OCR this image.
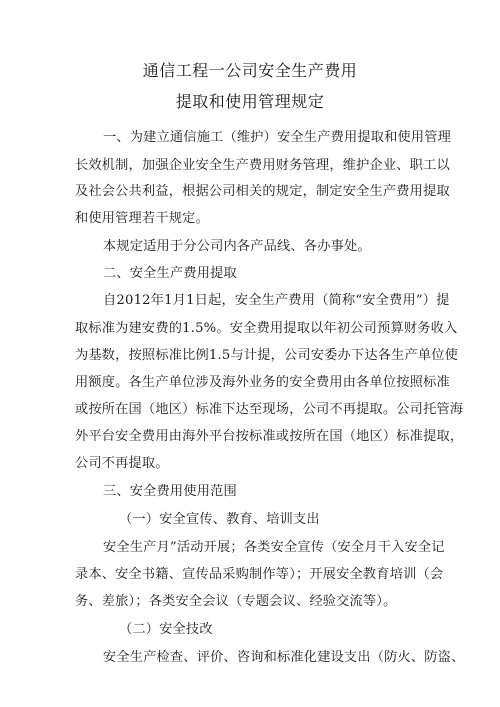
通信工程一公司安全生产费用
提取和使用管理规定
一、为建立通信施工（维护）安全生产费用提取和使用管理
长效机制，加强企业安全生产费用财务管理，维护企业、职工以
及社会公共利益，根据公司相关的规定，制定安全生产费用提取
和使用管理若干规定。
本规定适用于分公司内各产品线、各办事处。
二、安全生产费用提取
自2012年1月1日起，安全生产费用（简称“安全费用”）提
取标准为建安费的1.5%。安全费用提取以年初公司预算财务收入
为基数，按照标准比例1.5与计提，公司安委办下达各生产单位使
用额度。各生产单位涉及海外业务的安全费用由各单位按照标准
或按所在国（地区）标准下达至现场，公司不再提取。公司托管海
外平台安全费用由海外平台按标准或按所在国（地区）标准提取，
公司不再提取。
三、安全费用使用范围
（一）安全宣传、教育、培训支出
安全生产月”活动开展；各类安全宣传（安全月干入安全记
录本、安全书籍、宣传品采购制作等）；开展安全教育培训（会
务、差旅）；各类安全会议（专题会议、经验交流等）。
（二）安全技改
安全生产检查、评价、咨询和标准化建设支出（防火、防盗、
